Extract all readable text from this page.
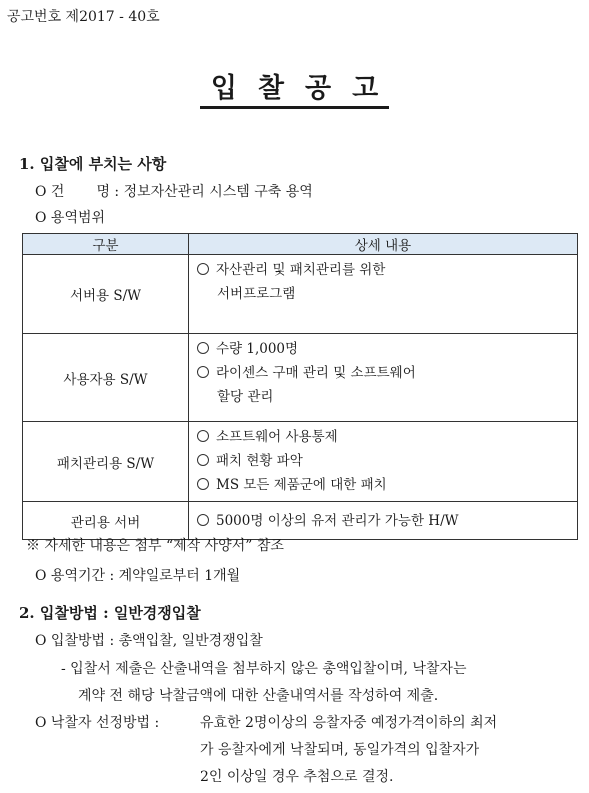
공고번호 제2017 - 40호
입찰공고
1. 입찰에 부치는 사항
O 건 명 : 정보자산관리 시스템 구축 용역
O 용역범위
구분	상세 내용
서버용 S/W	자산관리 및 패치관리를 위한
서버프로그램

사용자용 S/W	수량 1,000명
라이센스 구매 관리 및 소프트웨어
할당 관리

패치관리용 S/W	소프트웨어 사용통제
패치 현황 파악
MS 모든 제품군에 대한 패치

관리용 서버	5000명 이상의 유저 관리가 가능한 H/W
※ 자세한 내용은 첨부 “제작 사양서” 참조
O 용역기간 : 계약일로부터 1개월
2. 입찰방법 : 일반경쟁입찰
O 입찰방법 : 총액입찰, 일반경쟁입찰
- 입찰서 제출은 산출내역을 첨부하지 않은 총액입찰이며, 낙찰자는
계약 전 해당 낙찰금액에 대한 산출내역서를 작성하여 제출.
O 낙찰자 선정방법 :	유효한 2명이상의 응찰자중 예정가격이하의 최저
가 응찰자에게 낙찰되며, 동일가격의 입찰자가
2인 이상일 경우 추첨으로 결정.
